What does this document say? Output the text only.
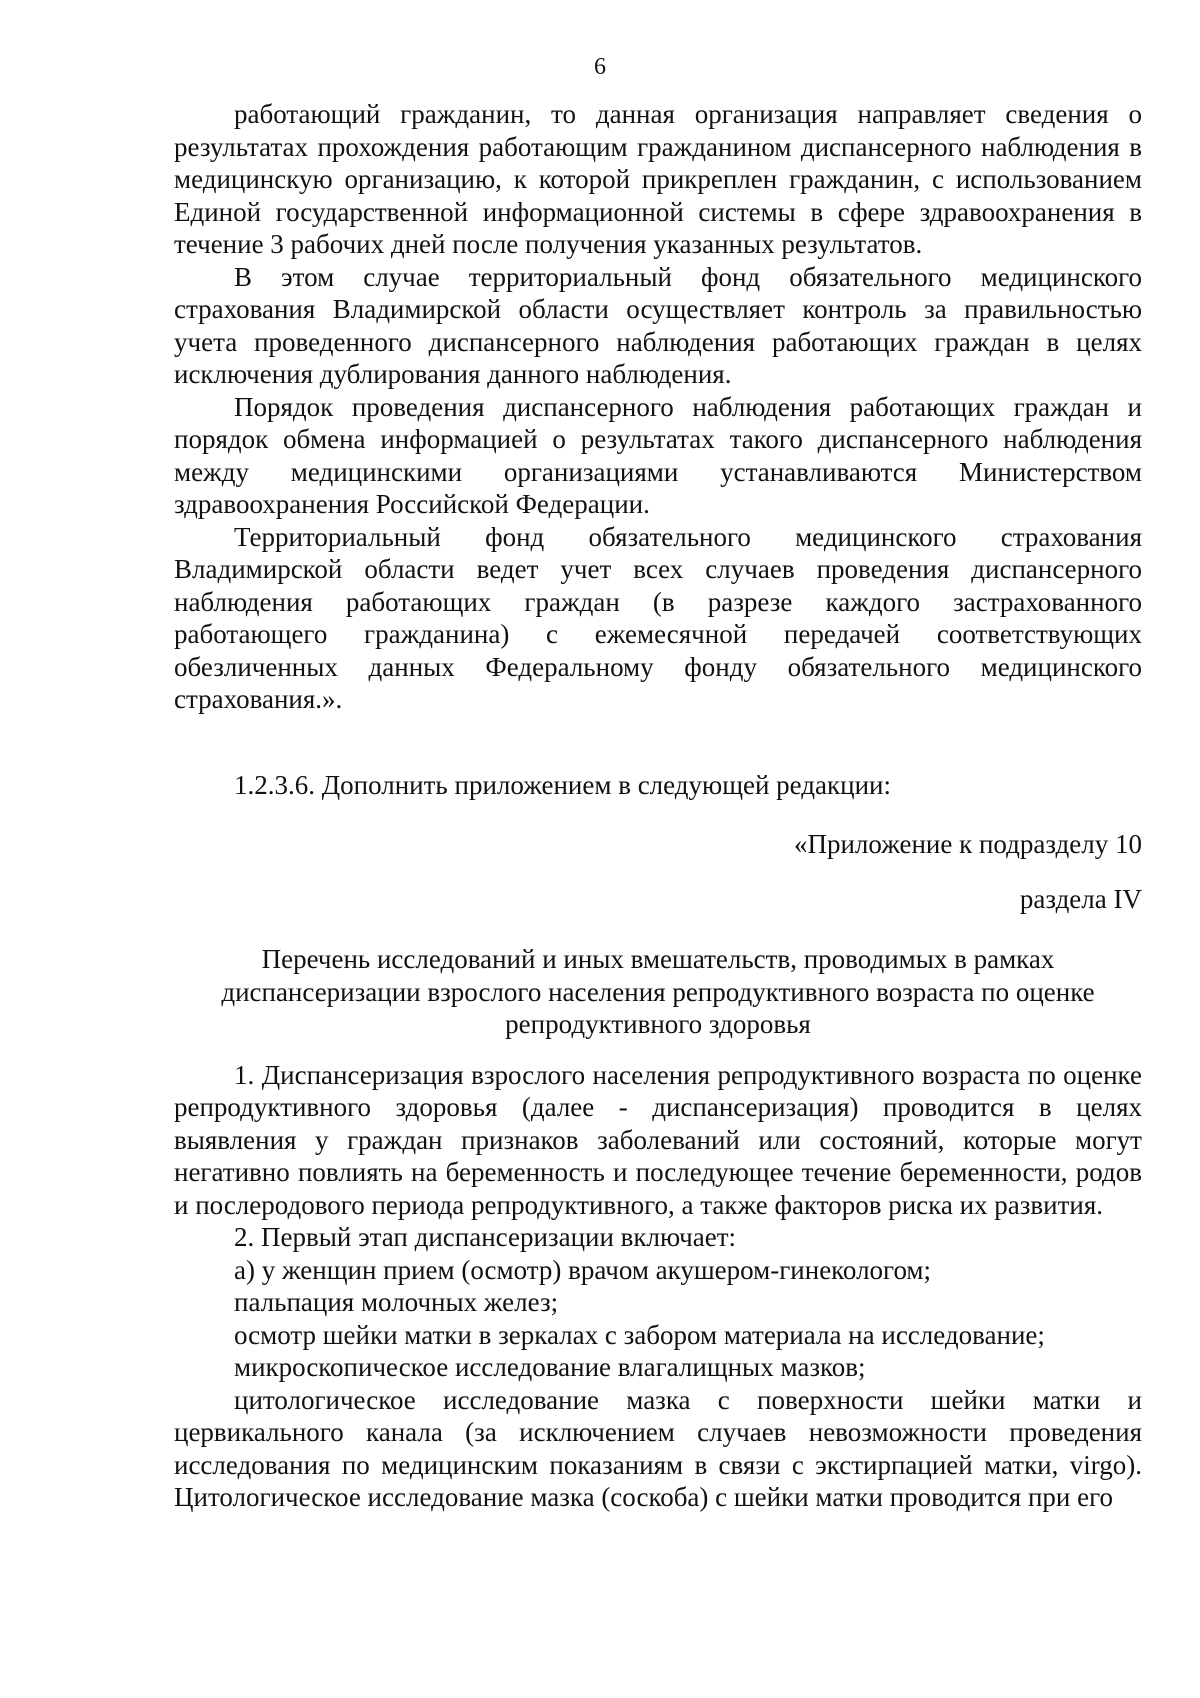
6

работающий гражданин, то данная организация направляет сведения о результатах прохождения работающим гражданином диспансерного наблюдения в медицинскую организацию, к которой прикреплен гражданин, с использованием Единой государственной информационной системы в сфере здравоохранения в течение 3 рабочих дней после получения указанных результатов.

В этом случае территориальный фонд обязательного медицинского страхования Владимирской области осуществляет контроль за правильностью учета проведенного диспансерного наблюдения работающих граждан в целях исключения дублирования данного наблюдения.

Порядок проведения диспансерного наблюдения работающих граждан и порядок обмена информацией о результатах такого диспансерного наблюдения между медицинскими организациями устанавливаются Министерством здравоохранения Российской Федерации.

Территориальный фонд обязательного медицинского страхования Владимирской области ведет учет всех случаев проведения диспансерного наблюдения работающих граждан (в разрезе каждого застрахованного работающего гражданина) с ежемесячной передачей соответствующих обезличенных данных Федеральному фонду обязательного медицинского страхования.».

1.2.3.6. Дополнить приложением в следующей редакции:

«Приложение к подразделу 10

раздела IV

Перечень исследований и иных вмешательств, проводимых в рамках диспансеризации взрослого населения репродуктивного возраста по оценке репродуктивного здоровья

1. Диспансеризация взрослого населения репродуктивного возраста по оценке репродуктивного здоровья (далее - диспансеризация) проводится в целях выявления у граждан признаков заболеваний или состояний, которые могут негативно повлиять на беременность и последующее течение беременности, родов и послеродового периода репродуктивного, а также факторов риска их развития.

2. Первый этап диспансеризации включает:

а) у женщин прием (осмотр) врачом акушером-гинекологом;

пальпация молочных желез;

осмотр шейки матки в зеркалах с забором материала на исследование;

микроскопическое исследование влагалищных мазков;

цитологическое исследование мазка с поверхности шейки матки и цервикального канала (за исключением случаев невозможности проведения исследования по медицинским показаниям в связи с экстирпацией матки, virgo). Цитологическое исследование мазка (соскоба) с шейки матки проводится при его
